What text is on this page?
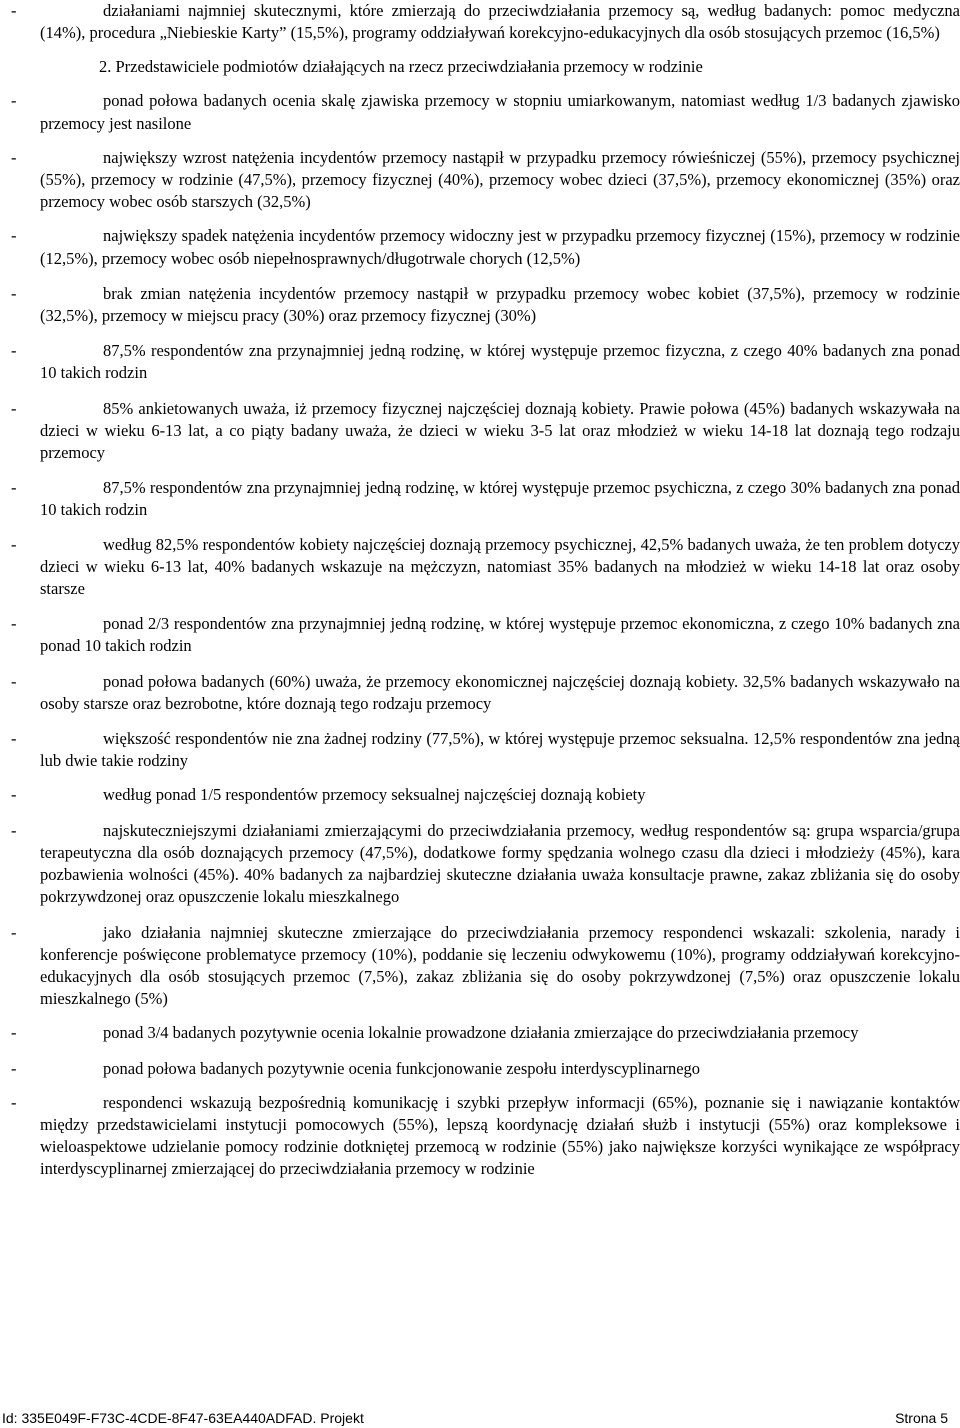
-	działaniami najmniej skutecznymi, które zmierzają do przeciwdziałania przemocy są, według badanych: pomoc medyczna (14%), procedura „Niebieskie Karty” (15,5%), programy oddziaływań korekcyjno-edukacyjnych dla osób stosujących przemoc (16,5%)
2. Przedstawiciele podmiotów działających na rzecz przeciwdziałania przemocy w rodzinie
-	ponad połowa badanych ocenia skalę zjawiska przemocy w stopniu umiarkowanym, natomiast według 1/3 badanych zjawisko przemocy jest nasilone
-	największy wzrost natężenia incydentów przemocy nastąpił w przypadku przemocy rówieśniczej (55%), przemocy psychicznej (55%), przemocy w rodzinie (47,5%), przemocy fizycznej (40%), przemocy wobec dzieci (37,5%), przemocy ekonomicznej (35%) oraz przemocy wobec osób starszych (32,5%)
-	największy spadek natężenia incydentów przemocy widoczny jest w przypadku przemocy fizycznej (15%), przemocy w rodzinie (12,5%), przemocy wobec osób niepełnosprawnych/długotrwale chorych (12,5%)
-	brak zmian natężenia incydentów przemocy nastąpił w przypadku przemocy wobec kobiet (37,5%), przemocy w rodzinie (32,5%), przemocy w miejscu pracy (30%) oraz przemocy fizycznej (30%)
-	87,5% respondentów zna przynajmniej jedną rodzinę, w której występuje przemoc fizyczna, z czego 40% badanych zna ponad 10 takich rodzin
-	85% ankietowanych uważa, iż przemocy fizycznej najczęściej doznają kobiety. Prawie połowa (45%) badanych wskazywała na dzieci w wieku 6-13 lat, a co piąty badany uważa, że dzieci w wieku 3-5 lat oraz młodzież w wieku 14-18 lat doznają tego rodzaju przemocy
-	87,5% respondentów zna przynajmniej jedną rodzinę, w której występuje przemoc psychiczna, z czego 30% badanych zna ponad 10 takich rodzin
-	według 82,5% respondentów kobiety najczęściej doznają przemocy psychicznej, 42,5% badanych uważa, że ten problem dotyczy dzieci w wieku 6-13 lat, 40% badanych wskazuje na mężczyzn, natomiast 35% badanych na młodzież w wieku 14-18 lat oraz osoby starsze
-	ponad 2/3 respondentów zna przynajmniej jedną rodzinę, w której występuje przemoc ekonomiczna, z czego 10% badanych zna ponad 10 takich rodzin
-	ponad połowa badanych (60%) uważa, że przemocy ekonomicznej najczęściej doznają kobiety. 32,5% badanych wskazywało na osoby starsze oraz bezrobotne, które doznają tego rodzaju przemocy
-	większość respondentów nie zna żadnej rodziny (77,5%), w której występuje przemoc seksualna. 12,5% respondentów zna jedną lub dwie takie rodziny
-	według ponad 1/5 respondentów przemocy seksualnej najczęściej doznają kobiety
-	najskuteczniejszymi działaniami zmierzającymi do przeciwdziałania przemocy, według respondentów są: grupa wsparcia/grupa terapeutyczna dla osób doznających przemocy (47,5%), dodatkowe formy spędzania wolnego czasu dla dzieci i młodzieży (45%), kara pozbawienia wolności (45%). 40% badanych za najbardziej skuteczne działania uważa konsultacje prawne, zakaz zbliżania się do osoby pokrzywdzonej oraz opuszczenie lokalu mieszkalnego
-	jako działania najmniej skuteczne zmierzające do przeciwdziałania przemocy respondenci wskazali: szkolenia, narady i konferencje poświęcone problematyce przemocy (10%), poddanie się leczeniu odwykowemu (10%), programy oddziaływań korekcyjno-edukacyjnych dla osób stosujących przemoc (7,5%), zakaz zbliżania się do osoby pokrzywdzonej (7,5%) oraz opuszczenie lokalu mieszkalnego (5%)
-	ponad 3/4 badanych pozytywnie ocenia lokalnie prowadzone działania zmierzające do przeciwdziałania przemocy
-	ponad połowa badanych pozytywnie ocenia funkcjonowanie zespołu interdyscyplinarnego
-	respondenci wskazują bezpośrednią komunikację i szybki przepływ informacji (65%), poznanie się i nawiązanie kontaktów między przedstawicielami instytucji pomocowych (55%), lepszą koordynację działań służb i instytucji (55%) oraz kompleksowe i wieloaspektowe udzielanie pomocy rodzinie dotkniętej przemocą w rodzinie (55%) jako największe korzyści wynikające ze współpracy interdyscyplinarnej zmierzającej do przeciwdziałania przemocy w rodzinie
Id: 335E049F-F73C-4CDE-8F47-63EA440ADFAD. Projekt	Strona 5
